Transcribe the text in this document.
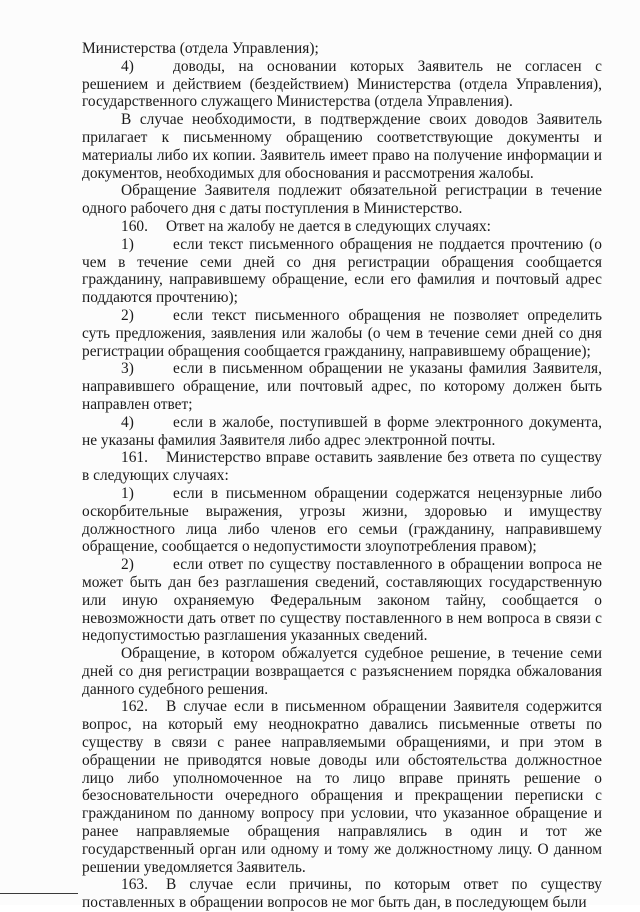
Министерства (отдела Управления);

4)	доводы, на основании которых Заявитель не согласен с решением и действием (бездействием) Министерства (отдела Управления), государственного служащего Министерства (отдела Управления).

В случае необходимости, в подтверждение своих доводов Заявитель прилагает к письменному обращению соответствующие документы и материалы либо их копии. Заявитель имеет право на получение информации и документов, необходимых для обоснования и рассмотрения жалобы.

Обращение Заявителя подлежит обязательной регистрации в течение одного рабочего дня с даты поступления в Министерство.

160. Ответ на жалобу не дается в следующих случаях:

1)	если текст письменного обращения не поддается прочтению (о чем в течение семи дней со дня регистрации обращения сообщается гражданину, направившему обращение, если его фамилия и почтовый адрес поддаются прочтению);

2)	если текст письменного обращения не позволяет определить суть предложения, заявления или жалобы (о чем в течение семи дней со дня регистрации обращения сообщается гражданину, направившему обращение);

3)	если в письменном обращении не указаны фамилия Заявителя, направившего обращение, или почтовый адрес, по которому должен быть направлен ответ;

4)	если в жалобе, поступившей в форме электронного документа, не указаны фамилия Заявителя либо адрес электронной почты.

161. Министерство вправе оставить заявление без ответа по существу в следующих случаях:

1)	если в письменном обращении содержатся нецензурные либо оскорбительные выражения, угрозы жизни, здоровью и имуществу должностного лица либо членов его семьи (гражданину, направившему обращение, сообщается о недопустимости злоупотребления правом);

2)	если ответ по существу поставленного в обращении вопроса не может быть дан без разглашения сведений, составляющих государственную или иную охраняемую Федеральным законом тайну, сообщается о невозможности дать ответ по существу поставленного в нем вопроса в связи с недопустимостью разглашения указанных сведений.

Обращение, в котором обжалуется судебное решение, в течение семи дней со дня регистрации возвращается с разъяснением порядка обжалования данного судебного решения.

162. В случае если в письменном обращении Заявителя содержится вопрос, на который ему неоднократно давались письменные ответы по существу в связи с ранее направляемыми обращениями, и при этом в обращении не приводятся новые доводы или обстоятельства должностное лицо либо уполномоченное на то лицо вправе принять решение о безосновательности очередного обращения и прекращении переписки с гражданином по данному вопросу при условии, что указанное обращение и ранее направляемые обращения направлялись в один и тот же государственный орган или одному и тому же должностному лицу. О данном решении уведомляется Заявитель.

163. В случае если причины, по которым ответ по существу поставленных в обращении вопросов не мог быть дан, в последующем были
